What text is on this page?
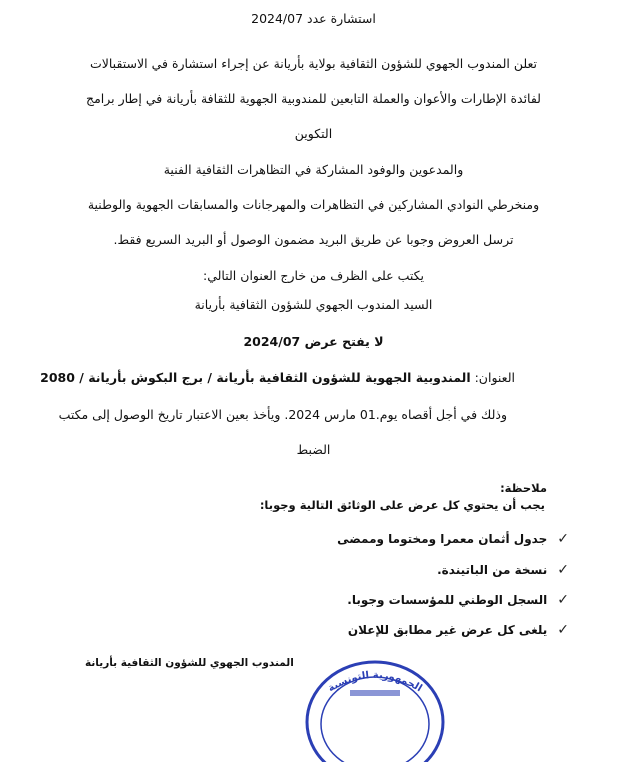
استشارة عدد 2024/07
تعلن المندوب الجهوي للشؤون الثقافية بولاية بأريانة عن إجراء استشارة في الاستقبالات
لفائدة الإطارات والأعوان والعملة التابعين للمندوبية الجهوية للثقافة بأريانة في إطار برامج
التكوين
والمدعوين والوفود المشاركة في التظاهرات الثقافية الفنية
ومنخرطي النوادي المشاركين في التظاهرات والمهرجانات والمسابقات الجهوية والوطنية
ترسل العروض وجوبا عن طريق البريد مضمون الوصول أو البريد السريع فقط.
يكتب على الظرف من خارج العنوان التالي:
السيد المندوب الجهوي للشؤون الثقافية بأريانة
لا يفتح عرض 2024/07
العنوان: المندوبية الجهوية للشؤون الثقافية بأريانة / برج البكوش بأريانة / 2080
وذلك في أجل أقصاه يوم.01 مارس 2024. ويأخذ بعين الاعتبار تاريخ الوصول إلى مكتب
الضبط
ملاحظة:
يجب أن يحتوي كل عرض على الوثائق التالية وجوبا:
✓
جدول أثمان معمرا ومختوما وممضى
✓
نسخة من الباتيندة.
✓
السجل الوطني للمؤسسات وجوبا.
✓
يلغى كل عرض غير مطابق للإعلان
المندوب الجهوي للشؤون الثقافية بأريانة
الجمهورية التونسية
